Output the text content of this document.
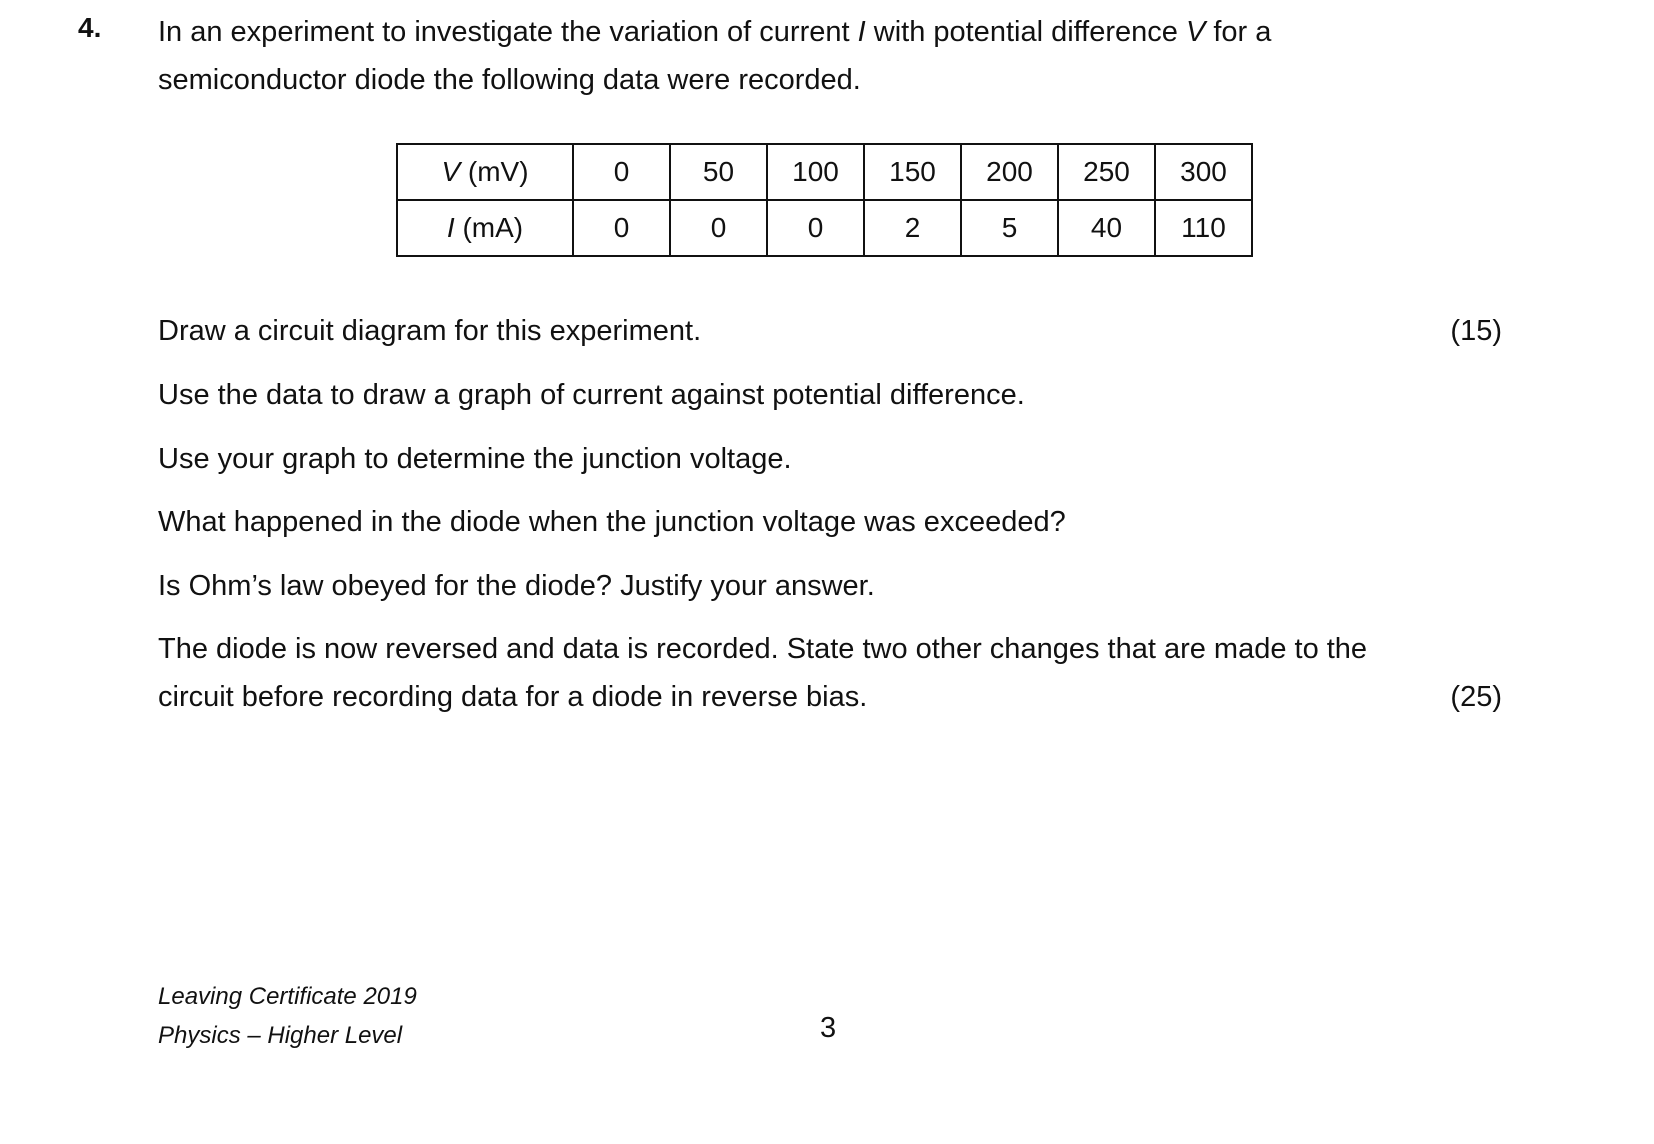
4. In an experiment to investigate the variation of current I with potential difference V for a

semiconductor diode the following data were recorded.

V (mV)	0	50	100	150	200	250	300
I (mA)	0	0	0	2	5	40	110
Draw a circuit diagram for this experiment.	(15)
Use the data to draw a graph of current against potential difference.
Use your graph to determine the junction voltage.
What happened in the diode when the junction voltage was exceeded?
Is Ohm’s law obeyed for the diode? Justify your answer.
The diode is now reversed and data is recorded. State two other changes that are made to the
circuit before recording data for a diode in reverse bias.	(25)
Leaving Certificate 2019
Physics – Higher Level	3
